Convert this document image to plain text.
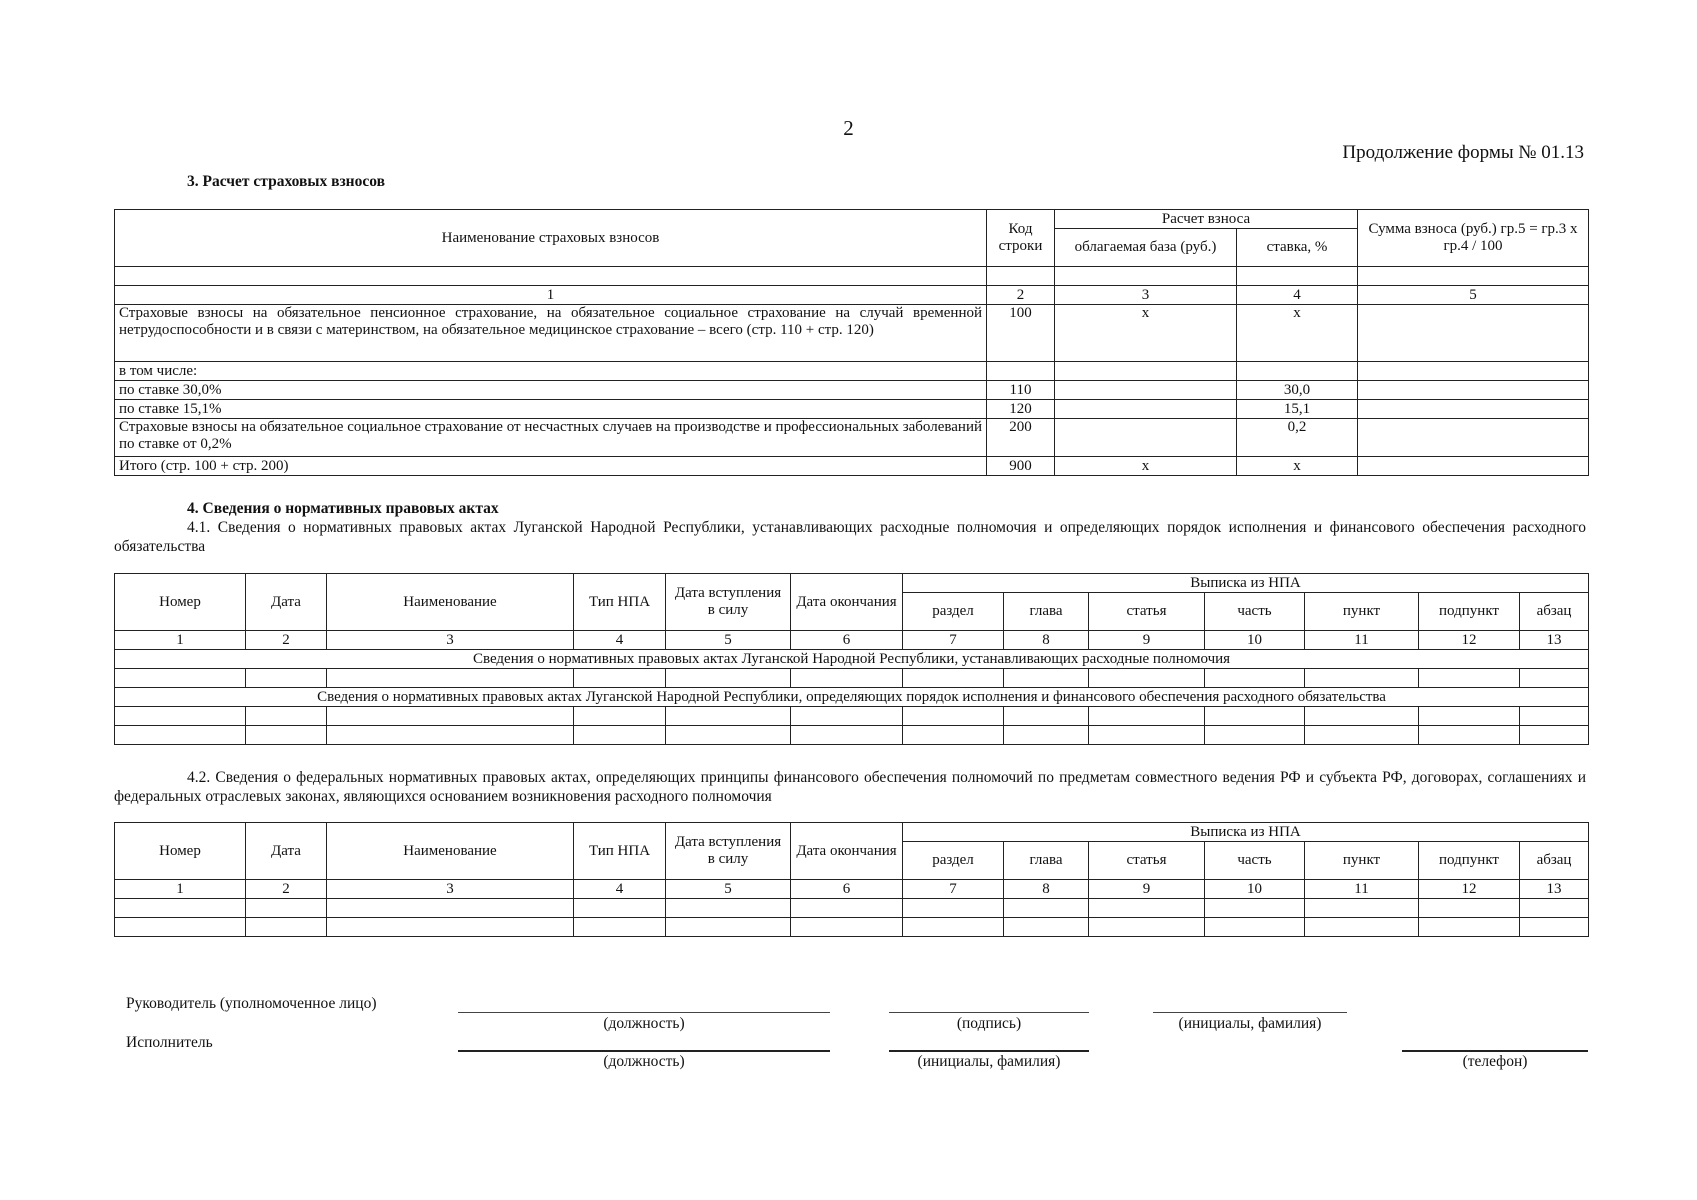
2
Продолжение формы № 01.13
3. Расчет страховых взносов
Наименование страховых взносов	Код строки	Расчет взноса		Сумма взноса (руб.) гр.5 = гр.3 х гр.4 / 100
		облагаемая база (руб.)	ставка, %	

1	2	3	4	5
Страховые взносы на обязательное пенсионное страхование, на обязательное социальное страхование на случай временной нетрудоспособности и в связи с материнством, на обязательное медицинское страхование – всего (стр. 110 + стр. 120)	100	х	х	
в том числе:				
по ставке 30,0%	110		30,0	
по ставке 15,1%	120		15,1	
Страховые взносы на обязательное социальное страхование от несчастных случаев на производстве и профессиональных заболеваний по ставке от 0,2%	200		0,2	
Итого (стр. 100 + стр. 200)	900	х	х	
4. Сведения о нормативных правовых актах
4.1. Сведения о нормативных правовых актах Луганской Народной Республики, устанавливающих расходные полномочия и определяющих порядок исполнения и финансового обеспечения расходного обязательства
Номер	Дата	Наименование	Тип НПА	Дата вступления в силу	Дата окончания	Выписка из НПА						
						раздел	глава	статья	часть	пункт	подпункт	абзац
1	2	3	4	5	6	7	8	9	10	11	12	13
Сведения о нормативных правовых актах Луганской Народной Республики, устанавливающих расходные полномочия												

Сведения о нормативных правовых актах Луганской Народной Республики, определяющих порядок исполнения и финансового обеспечения расходного обязательства												

4.2. Сведения о федеральных нормативных правовых актах, определяющих принципы финансового обеспечения полномочий по предметам совместного ведения РФ и субъекта РФ, договорах, соглашениях и федеральных отраслевых законах, являющихся основанием возникновения расходного полномочия
Номер	Дата	Наименование	Тип НПА	Дата вступления в силу	Дата окончания	Выписка из НПА						
						раздел	глава	статья	часть	пункт	подпункт	абзац
1	2	3	4	5	6	7	8	9	10	11	12	13

Руководитель (уполномоченное лицо)
(должность)	(подпись)	(инициалы, фамилия)
Исполнитель
(должность)	(инициалы, фамилия)	(телефон)
